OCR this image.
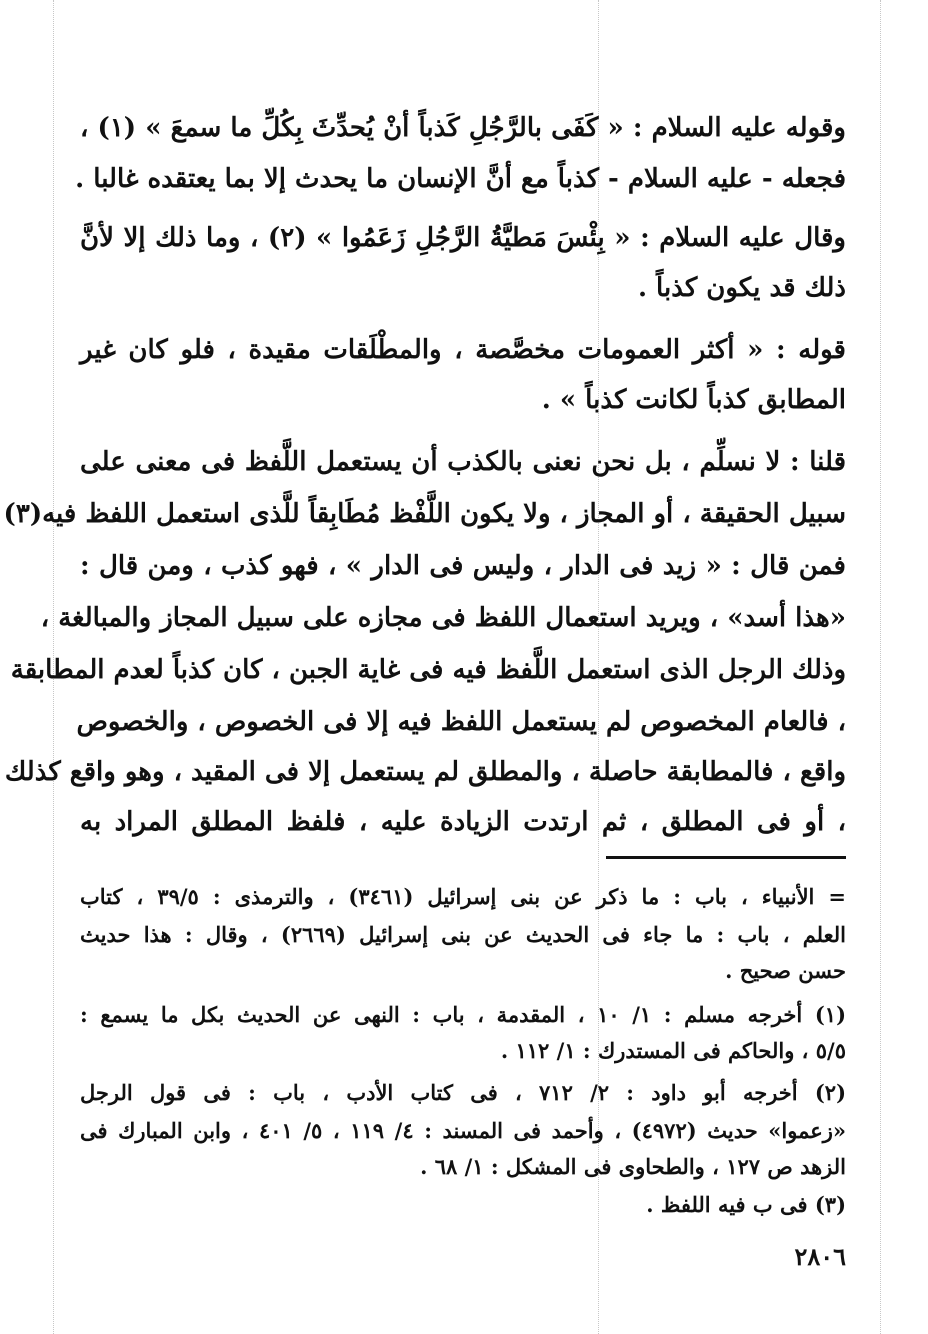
وقوله عليه السلام : « كَفَى بالرَّجُلِ كَذباً أنْ يُحدِّثَ بِكُلِّ ما سمعَ » (١) ،
فجعله - عليه السلام - كذباً مع أنَّ الإنسان ما يحدث إلا بما يعتقده غالبا .
وقال عليه السلام : « بِئْسَ مَطيَّةُ الرَّجُلِ زَعَمُوا » (٢) ، وما ذلك إلا لأنَّ
ذلك قد يكون كذباً .
قوله : « أكثر العمومات مخصَّصة ، والمطْلَقات مقيدة ، فلو كان غير
المطابق كذباً لكانت كذباً » .
قلنا : لا نسلِّم ، بل نحن نعنى بالكذب أن يستعمل اللَّفظ فى معنى على
سبيل الحقيقة ، أو المجاز ، ولا يكون اللَّفْظ مُطَابِقاً للَّذى استعمل اللفظ فيه(٣)
فمن قال : « زيد فى الدار ، وليس فى الدار » ، فهو كذب ، ومن قال :
«هذا أسد» ، ويريد استعمال اللفظ فى مجازه على سبيل المجاز والمبالغة ،
وذلك الرجل الذى استعمل اللَّفظ فيه فى غاية الجبن ، كان كذباً لعدم المطابقة
، فالعام المخصوص لم يستعمل اللفظ فيه إلا فى الخصوص ، والخصوص
واقع ، فالمطابقة حاصلة ، والمطلق لم يستعمل إلا فى المقيد ، وهو واقع كذلك
، أو فى المطلق ، ثم ارتدت الزيادة عليه ، فلفظ المطلق المراد به
= الأنبياء ، باب : ما ذكر عن بنى إسرائيل (٣٤٦١) ، والترمذى : ٣٩/٥ ، كتاب
العلم ، باب : ما جاء فى الحديث عن بنى إسرائيل (٢٦٦٩) ، وقال : هذا حديث
حسن صحيح .
(١) أخرجه مسلم : ١/ ١٠ ، المقدمة ، باب : النهى عن الحديث بكل ما يسمع :
٥/٥ ، والحاكم فى المستدرك : ١/ ١١٢ .
(٢) أخرجه أبو داود : ٢/ ٧١٢ ، فى كتاب الأدب ، باب : فى قول الرجل
«زعموا» حديث (٤٩٧٢) ، وأحمد فى المسند : ٤/ ١١٩ ، ٥/ ٤٠١ ، وابن المبارك فى
الزهد ص ١٢٧ ، والطحاوى فى المشكل : ١/ ٦٨ .
(٣) فى ب فيه اللفظ .
٢٨٠٦
